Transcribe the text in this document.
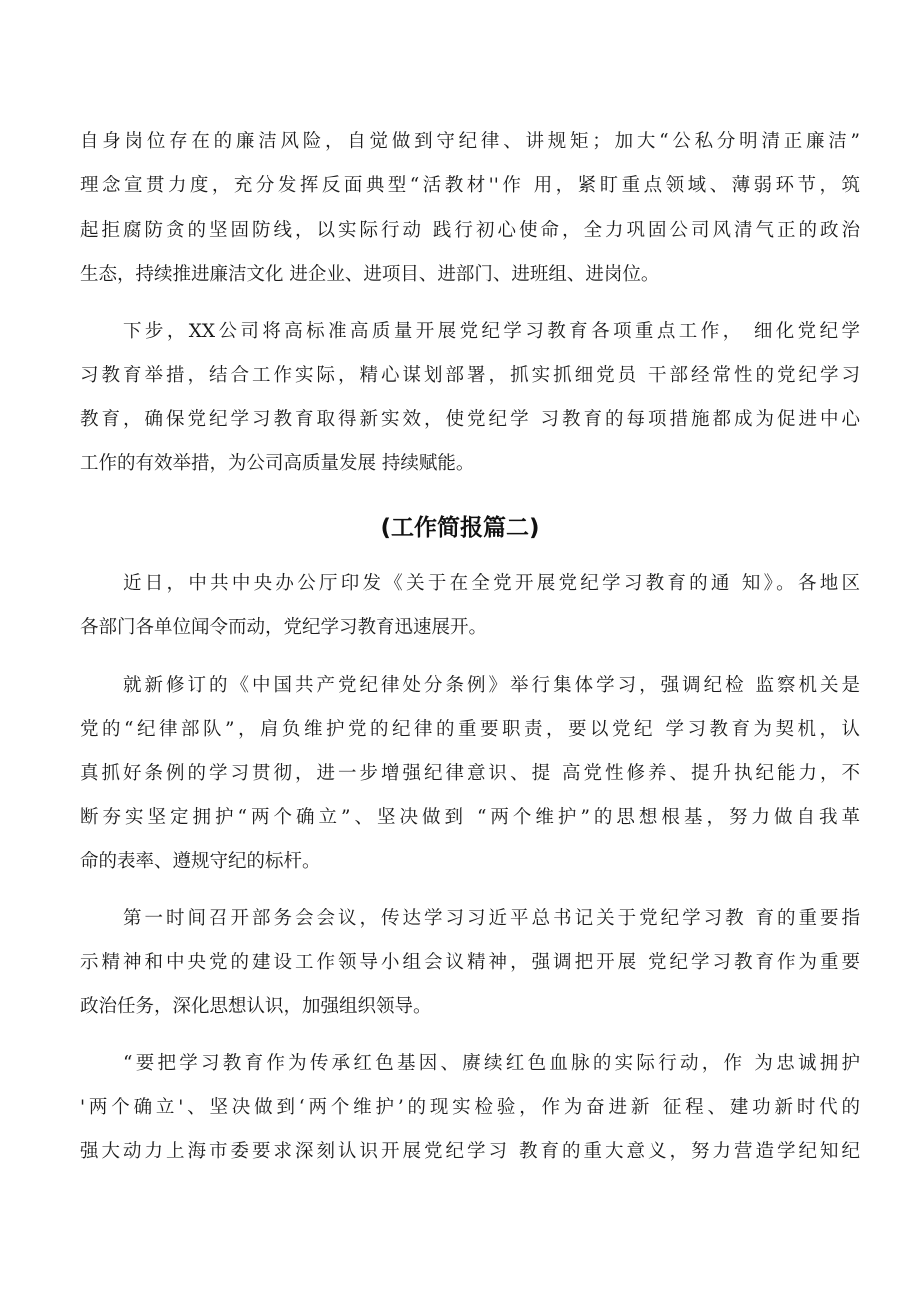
自身岗位存在的廉洁风险，自觉做到守纪律、讲规矩；加大“公私分明清正廉洁”

理念宣贯力度，充分发挥反面典型“活教材''作 用，紧盯重点领域、薄弱环节，筑

起拒腐防贪的坚固防线，以实际行动 践行初心使命，全力巩固公司风清气正的政治

生态，持续推进廉洁文化 进企业、进项目、进部门、进班组、进岗位。

下步，XX公司将高标准高质量开展党纪学习教育各项重点工作， 细化党纪学

习教育举措，结合工作实际，精心谋划部署，抓实抓细党员 干部经常性的党纪学习

教育，确保党纪学习教育取得新实效，使党纪学 习教育的每项措施都成为促进中心

工作的有效举措，为公司高质量发展 持续赋能。

(工作简报篇二)

近日，中共中央办公厅印发《关于在全党开展党纪学习教育的通 知》。各地区

各部门各单位闻令而动，党纪学习教育迅速展开。

就新修订的《中国共产党纪律处分条例》举行集体学习，强调纪检 监察机关是

党的“纪律部队”，肩负维护党的纪律的重要职责，要以党纪 学习教育为契机，认

真抓好条例的学习贯彻，进一步增强纪律意识、提 高党性修养、提升执纪能力，不

断夯实坚定拥护“两个确立”、坚决做到 “两个维护”的思想根基，努力做自我革

命的表率、遵规守纪的标杆。

第一时间召开部务会会议，传达学习习近平总书记关于党纪学习教 育的重要指

示精神和中央党的建设工作领导小组会议精神，强调把开展 党纪学习教育作为重要

政治任务，深化思想认识，加强组织领导。

“要把学习教育作为传承红色基因、赓续红色血脉的实际行动，作 为忠诚拥护

'两个确立'、坚决做到‘两个维护’的现实检验，作为奋进新 征程、建功新时代的

强大动力上海市委要求深刻认识开展党纪学习 教育的重大意义，努力营造学纪知纪
